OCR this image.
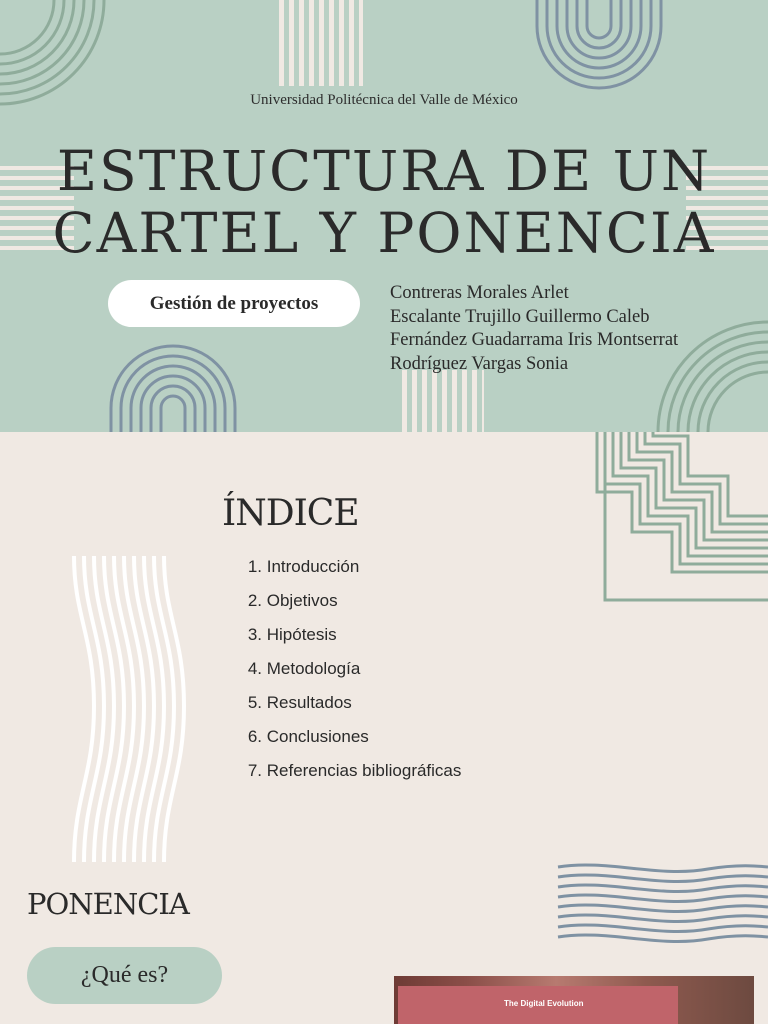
Universidad Politécnica del Valle de México
ESTRUCTURA DE UN
CARTEL Y PONENCIA
Gestión de proyectos	Contreras Morales Arlet
Escalante Trujillo Guillermo Caleb
Fernández Guadarrama Iris Montserrat
Rodríguez Vargas Sonia
ÍNDICE
1.
Introducción
2.
Objetivos
3.
Hipótesis
4.
Metodología
5.
Resultados
6.
Conclusiones
7.
Referencias bibliográficas
PONENCIA
¿Qué es?
The Digital Evolution
